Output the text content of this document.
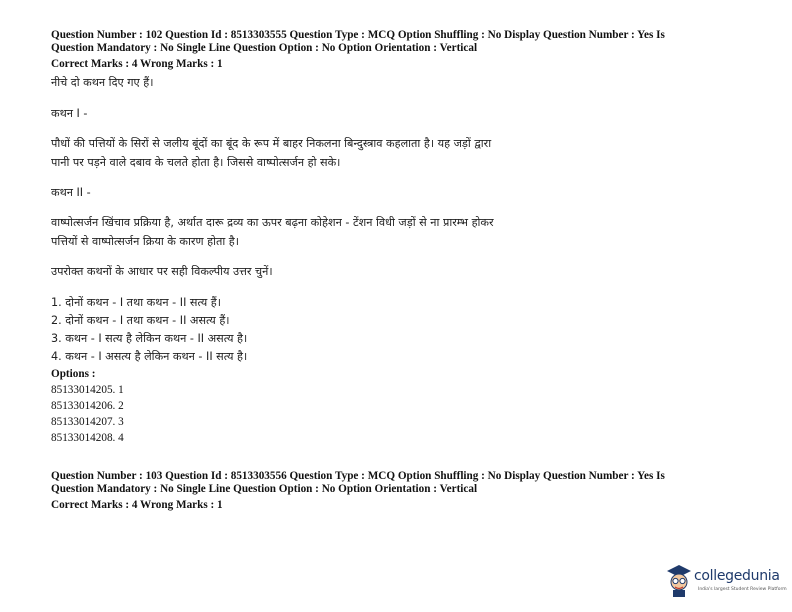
Question Number : 102 Question Id : 8513303555 Question Type : MCQ Option Shuffling : No Display Question Number : Yes Is
Question Mandatory : No Single Line Question Option : No Option Orientation : Vertical
Correct Marks : 4 Wrong Marks : 1
नीचे दो कथन दिए गए हैं।
कथन I -
पौधों की पत्तियों के सिरों से जलीय बूंदों का बूंद के रूप में बाहर निकलना बिन्दुस्त्राव कहलाता है। यह जड़ों द्वारा
पानी पर पड़ने वाले दबाव के चलते होता है। जिससे वाष्पोत्सर्जन हो सके।
कथन II -
वाष्पोत्सर्जन खिंचाव प्रक्रिया है, अर्थात दारू द्रव्य का ऊपर बढ़ना कोहेशन - टेंशन विधी जड़ों से ना प्रारम्भ होकर
पत्तियों से वाष्पोत्सर्जन क्रिया के कारण होता है।
उपरोक्त कथनों के आधार पर सही विकल्पीय उत्तर चुनें।
1. दोनों कथन - I तथा कथन - II सत्य हैं।
2. दोनों कथन - I तथा कथन - II असत्य हैं।
3. कथन - I सत्य है लेकिन कथन - II असत्य है।
4. कथन - I असत्य है लेकिन कथन - II सत्य है।
Options :
85133014205. 1
85133014206. 2
85133014207. 3
85133014208. 4
Question Number : 103 Question Id : 8513303556 Question Type : MCQ Option Shuffling : No Display Question Number : Yes Is
Question Mandatory : No Single Line Question Option : No Option Orientation : Vertical
Correct Marks : 4 Wrong Marks : 1
collegedunia
India's largest Student Review Platform
